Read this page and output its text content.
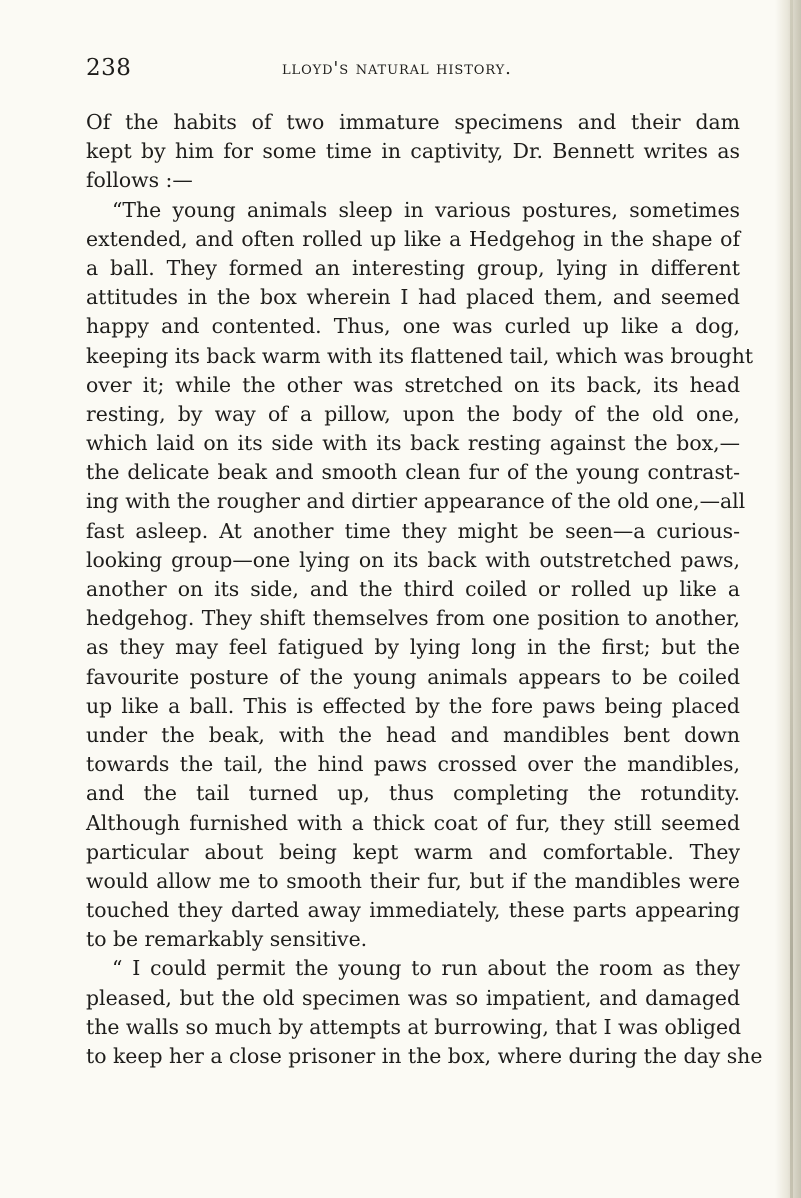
238	lloyd's natural history.
Of the habits of two immature specimens and their dam
kept by him for some time in captivity, Dr. Bennett writes as
follows :—
“The young animals sleep in various postures, sometimes
extended, and often rolled up like a Hedgehog in the shape of
a ball. They formed an interesting group, lying in different
attitudes in the box wherein I had placed them, and seemed
happy and contented. Thus, one was curled up like a dog,
keeping its back warm with its flattened tail, which was brought
over it; while the other was stretched on its back, its head
resting, by way of a pillow, upon the body of the old one,
which laid on its side with its back resting against the box,—
the delicate beak and smooth clean fur of the young contrast-
ing with the rougher and dirtier appearance of the old one,—all
fast asleep. At another time they might be seen—a curious-
looking group—one lying on its back with outstretched paws,
another on its side, and the third coiled or rolled up like a
hedgehog. They shift themselves from one position to another,
as they may feel fatigued by lying long in the first; but the
favourite posture of the young animals appears to be coiled
up like a ball. This is effected by the fore paws being placed
under the beak, with the head and mandibles bent down
towards the tail, the hind paws crossed over the mandibles,
and the tail turned up, thus completing the rotundity.
Although furnished with a thick coat of fur, they still seemed
particular about being kept warm and comfortable. They
would allow me to smooth their fur, but if the mandibles were
touched they darted away immediately, these parts appearing
to be remarkably sensitive.
“ I could permit the young to run about the room as they
pleased, but the old specimen was so impatient, and damaged
the walls so much by attempts at burrowing, that I was obliged
to keep her a close prisoner in the box, where during the day she
